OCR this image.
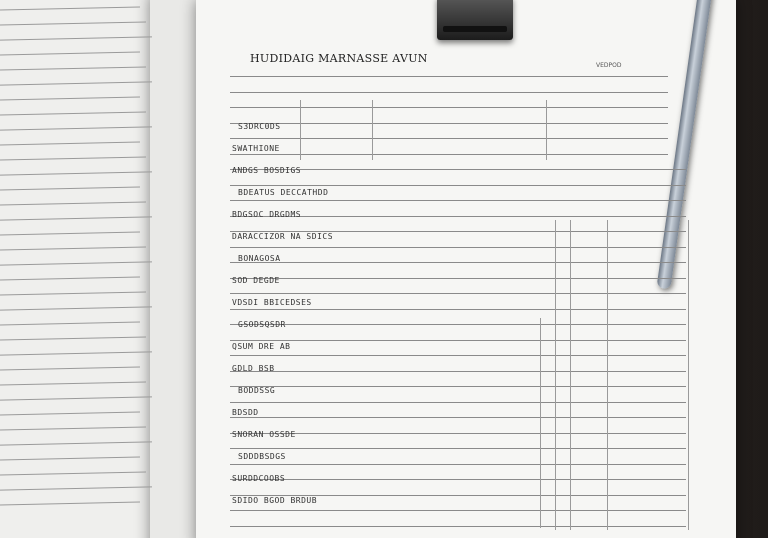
HUDIDAIG MARNASSE AVUN
VEDPOD
S3DRC0DS
SWATHIONE
ANDGS BOSDIGS
BDEATUS DECCATHDD
BDGSOC DRGDMS
DARACCIZOR NA SDICS
BONAGOSA
SOD DEGDE
VDSDI BBICEDSES
GSODSQSDR
QSUM DRE AB
GDLD BSB
BODDSSG
BDSDD
SNORAN OSSDE
SDDDBSDGS
SURDDCOOBS
SDIDO BGOD BRDUB
